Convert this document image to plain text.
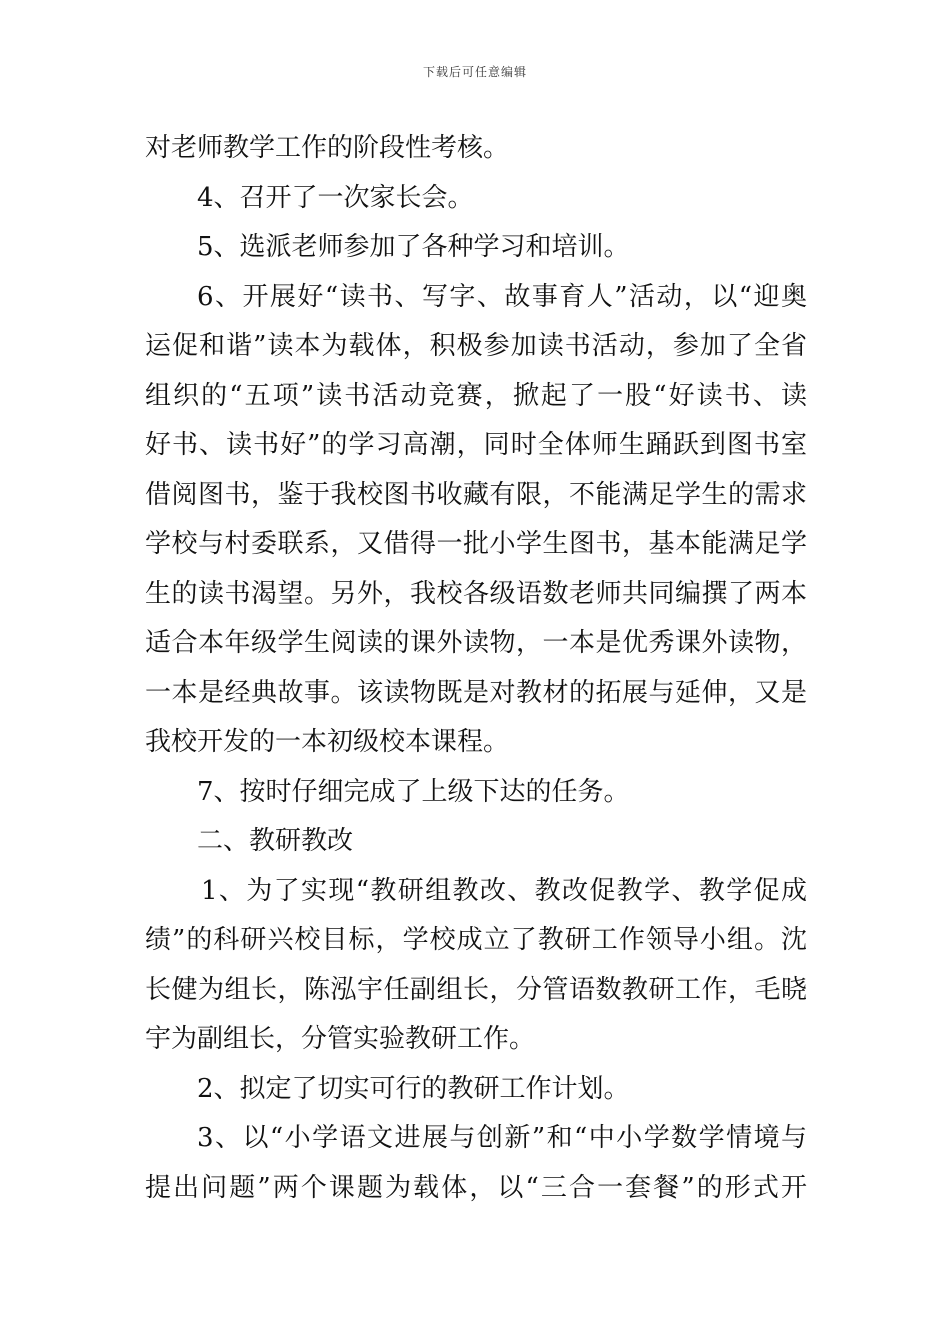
下载后可任意编辑
对老师教学工作的阶段性考核。
4、召开了一次家长会。
5、选派老师参加了各种学习和培训。
6、开展好“读书、写字、故事育人”活动，以“迎奥
运促和谐”读本为载体，积极参加读书活动，参加了全省
组织的“五项”读书活动竞赛，掀起了一股“好读书、读
好书、读书好”的学习高潮，同时全体师生踊跃到图书室
借阅图书，鉴于我校图书收藏有限，不能满足学生的需求
学校与村委联系，又借得一批小学生图书，基本能满足学
生的读书渴望。另外，我校各级语数老师共同编撰了两本
适合本年级学生阅读的课外读物，一本是优秀课外读物，
一本是经典故事。该读物既是对教材的拓展与延伸，又是
我校开发的一本初级校本课程。
7、按时仔细完成了上级下达的任务。
二、教研教改
1、为了实现“教研组教改、教改促教学、教学促成
绩”的科研兴校目标，学校成立了教研工作领导小组。沈
长健为组长，陈泓宇任副组长，分管语数教研工作，毛晓
宇为副组长，分管实验教研工作。
2、拟定了切实可行的教研工作计划。
3、以“小学语文进展与创新”和“中小学数学情境与
提出问题”两个课题为载体，以“三合一套餐”的形式开
